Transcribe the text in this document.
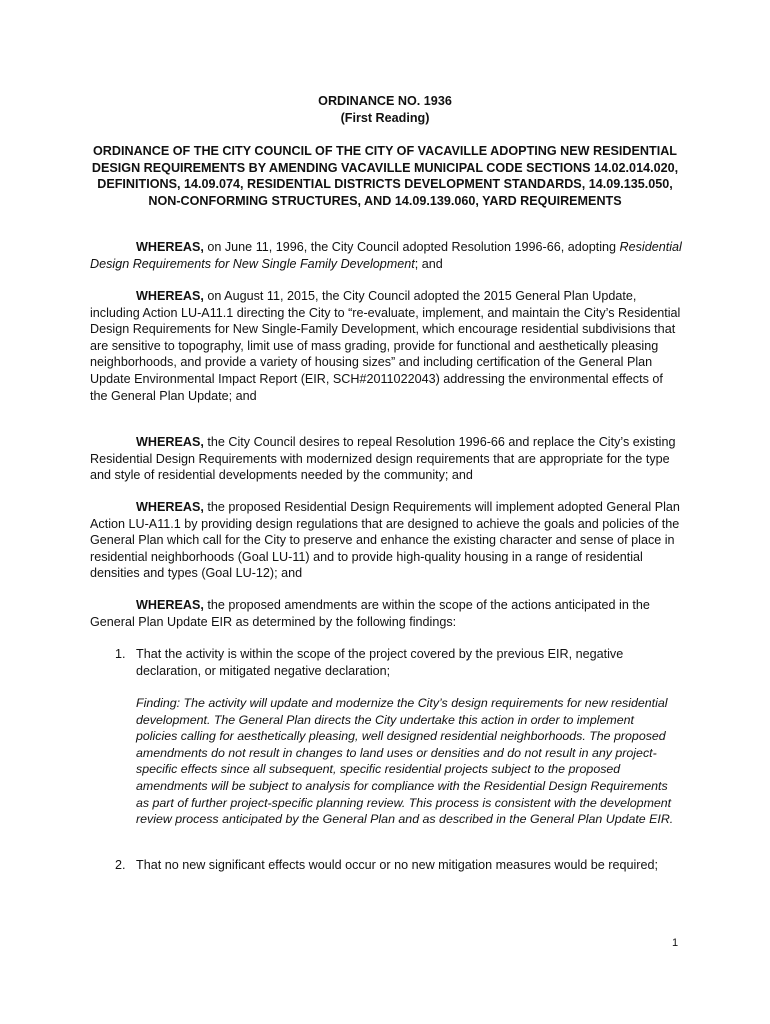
ORDINANCE NO. 1936

(First Reading)

ORDINANCE OF THE CITY COUNCIL OF THE CITY OF VACAVILLE ADOPTING NEW RESIDENTIAL DESIGN REQUIREMENTS BY AMENDING VACAVILLE MUNICIPAL CODE SECTIONS 14.02.014.020, DEFINITIONS, 14.09.074, RESIDENTIAL DISTRICTS DEVELOPMENT STANDARDS, 14.09.135.050, NON-CONFORMING STRUCTURES, AND 14.09.139.060, YARD REQUIREMENTS

WHEREAS, on June 11, 1996, the City Council adopted Resolution 1996-66, adopting Residential Design Requirements for New Single Family Development; and

WHEREAS, on August 11, 2015, the City Council adopted the 2015 General Plan Update, including Action LU-A11.1 directing the City to “re-evaluate, implement, and maintain the City’s Residential Design Requirements for New Single-Family Development, which encourage residential subdivisions that are sensitive to topography, limit use of mass grading, provide for functional and aesthetically pleasing neighborhoods, and provide a variety of housing sizes” and including certification of the General Plan Update Environmental Impact Report (EIR, SCH#2011022043) addressing the environmental effects of the General Plan Update; and

WHEREAS, the City Council desires to repeal Resolution 1996-66 and replace the City’s existing Residential Design Requirements with modernized design requirements that are appropriate for the type and style of residential developments needed by the community; and

WHEREAS, the proposed Residential Design Requirements will implement adopted General Plan Action LU-A11.1 by providing design regulations that are designed to achieve the goals and policies of the General Plan which call for the City to preserve and enhance the existing character and sense of place in residential neighborhoods (Goal LU-11) and to provide high-quality housing in a range of residential densities and types (Goal LU-12); and

WHEREAS, the proposed amendments are within the scope of the actions anticipated in the General Plan Update EIR as determined by the following findings:

1. That the activity is within the scope of the project covered by the previous EIR, negative declaration, or mitigated negative declaration;

Finding: The activity will update and modernize the City’s design requirements for new residential development. The General Plan directs the City undertake this action in order to implement policies calling for aesthetically pleasing, well designed residential neighborhoods. The proposed amendments do not result in changes to land uses or densities and do not result in any project-specific effects since all subsequent, specific residential projects subject to the proposed amendments will be subject to analysis for compliance with the Residential Design Requirements as part of further project-specific planning review. This process is consistent with the development review process anticipated by the General Plan and as described in the General Plan Update EIR.

2. That no new significant effects would occur or no new mitigation measures would be required;
1
